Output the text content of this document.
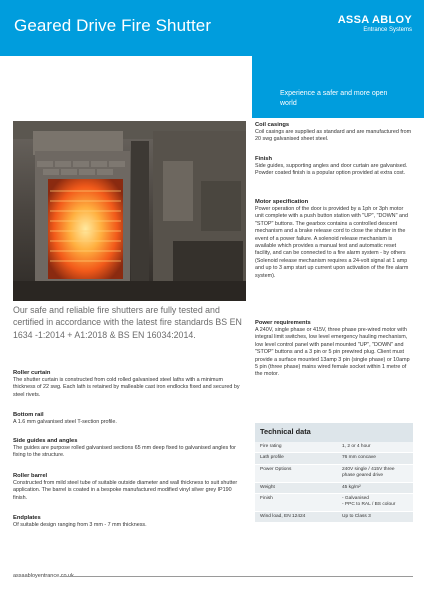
Geared Drive Fire Shutter	ASSA ABLOY
Entrance Systems
Experience a safer and more open world
Our safe and reliable fire shutters are fully tested and certified in accordance with the latest fire standards BS EN 1634 -1:2014 + A1:2018 & BS EN 16034:2014.

Roller curtain

The shutter curtain is constructed from cold rolled galvanised steel laths with a minimum thickness of 22 swg. Each lath is retained by malleable cast iron endlocks fixed and secured by steel rivets.

Bottom rail

A 1.6 mm galvanised steel T-section profile.

Side guides and angles

The guides are purpose rolled galvanised sections 65 mm deep fixed to galvanised angles for fixing to the structure.

Roller barrel

Constructed from mild steel tube of suitable outside diameter and wall thickness to suit shutter application. The barrel is coated in a bespoke manufactured modified vinyl silver grey IP190 finish.

Endplates

Of suitable design ranging from 3 mm - 7 mm thickness.

Coil casings

Coil casings are supplied as standard and are manufactured from 20 swg galvanised sheet steel.

Finish

Side guides, supporting angles and door curtain are galvanised. Powder coated finish is a popular option provided at extra cost.

Motor specification

Power operation of the door is provided by a 1ph or 3ph motor unit complete with a push button station with "UP", "DOWN" and "STOP" buttons. The gearbox contains a controlled descent mechanism and a brake release cord to close the shutter in the event of a power failure. A solenoid release mechanism is available which provides a manual test and automatic reset facility, and can be connected to a fire alarm system - by others (Solenoid release mechanism requires a 24-volt signal at 1 amp and up to 3 amp start up current upon activation of the fire alarm system).

Power requirements

A 240V, single phase or 415V, three phase pre-wired motor with integral limit switches, low level emergency hauling mechanism, low level control panel with panel mounted "UP", "DOWN" and "STOP" buttons and a 3 pin or 5 pin prewired plug. Client must provide a surface mounted 13amp 3 pin (single phase) or 10amp 5 pin (three phase) mains wired female socket within 1 metre of the motor.

Technical data
Fire rating	1, 2 or 4 hour
Lath profile	76 mm concave
Power Options	240V single / 415V three phase geared drive
Weight	45 kg/m²
Finish	- Galvanised
- PPC to RAL / BS colour
Wind load, EN 12424	Up to Class 3
assaabloyentrance.co.uk
